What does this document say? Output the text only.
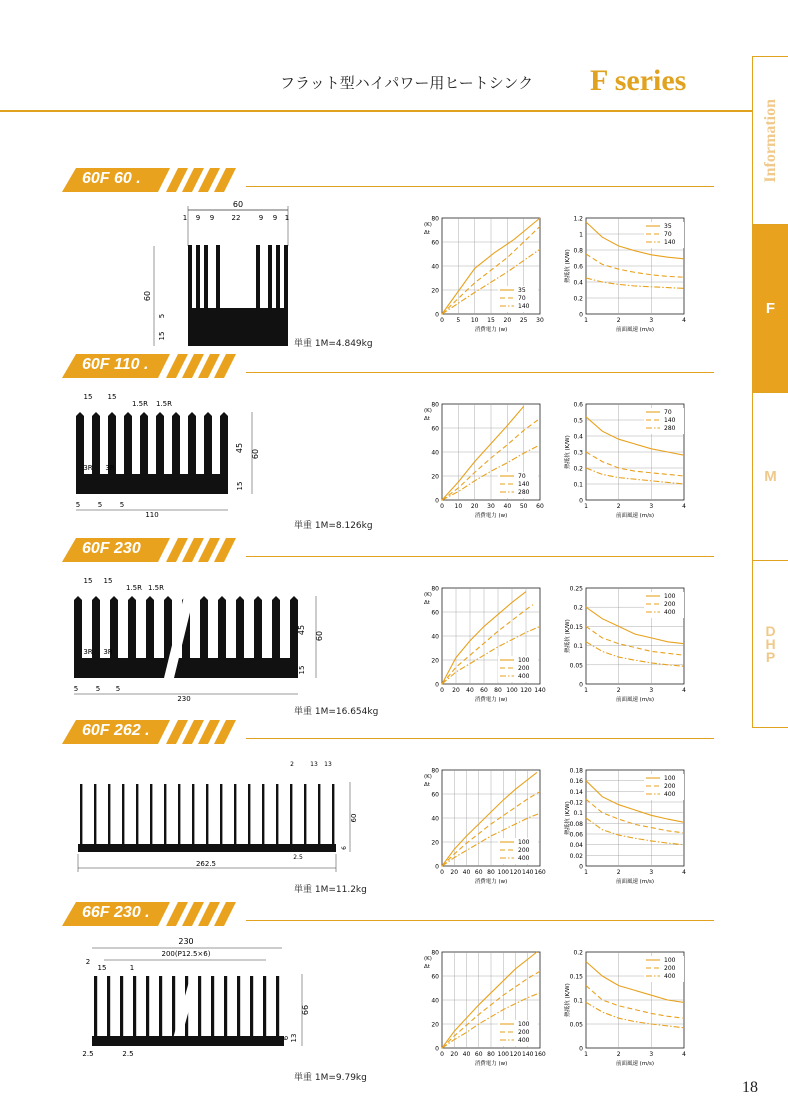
フラット型ハイパワー用ヒートシンク F series
Information
F
M
D
H
P
18
60F 60 .
60
1 9 9 22	9 9 1
60
5
15
単重 1M=4.849kg
0
20
40
60
80
0 5 10 15 20 25 30
消費電力 (w)
(K)
Δt
35
70
140
0
0.2
0.4
0.6
0.8
1
1.2
1	2	3	4
前面風速 (m/s)
熱抵抗 (K/W)
35
70
140
60F 110 .
15 15
1.5R 1.5R
3R 3R
5	5	5
110
45
60
15
単重 1M=8.126kg
0
20
40
60
80
0 10 20 30 40 50 60
消費電力 (w)
(K)
Δt
70
140
280
0
0.1
0.2
0.3
0.4
0.5
0.6
1	2	3	4
前面風速 (m/s)
熱抵抗 (K/W)
70
140
280
60F 230
15 15
1.5R 1.5R
3R 3R
5	5 5
230
45
60
15
単重 1M=16.654kg
0
20
40
60
80
0 20 40 60 80 100 120 140
消費電力 (w)
(K)
Δt
100
200
400
0
0.05
0.1
0.15
0.2
0.25
1	2	3	4
前面風速 (m/s)
熱抵抗 (K/W)
100
200
400
60F 262 .
262.5
2.5
2	13 13
60
6
単重 1M=11.2kg
0
20
40
60
80
0 20 40 60 80 100 120 140 160
消費電力 (w)
(K)
Δt
100
200
400
0
0.02
0.04
0.06
0.08
0.1
0.12
0.14
0.16
0.18
1	2	3	4
前面風速 (m/s)
熱抵抗 (K/W)
100
200
400
66F 230 .
230
200(P12.5×6)
2
15	1
2.5	2.5
66
6 13
単重 1M=9.79kg
0
20
40
60
80
0 20 40 60 80 100 120 140 160
消費電力 (w)
(K)
Δt
100
200
400
0
0.05
0.1
0.15
0.2
1	2	3	4
前面風速 (m/s)
熱抵抗 (K/W)
100
200
400
